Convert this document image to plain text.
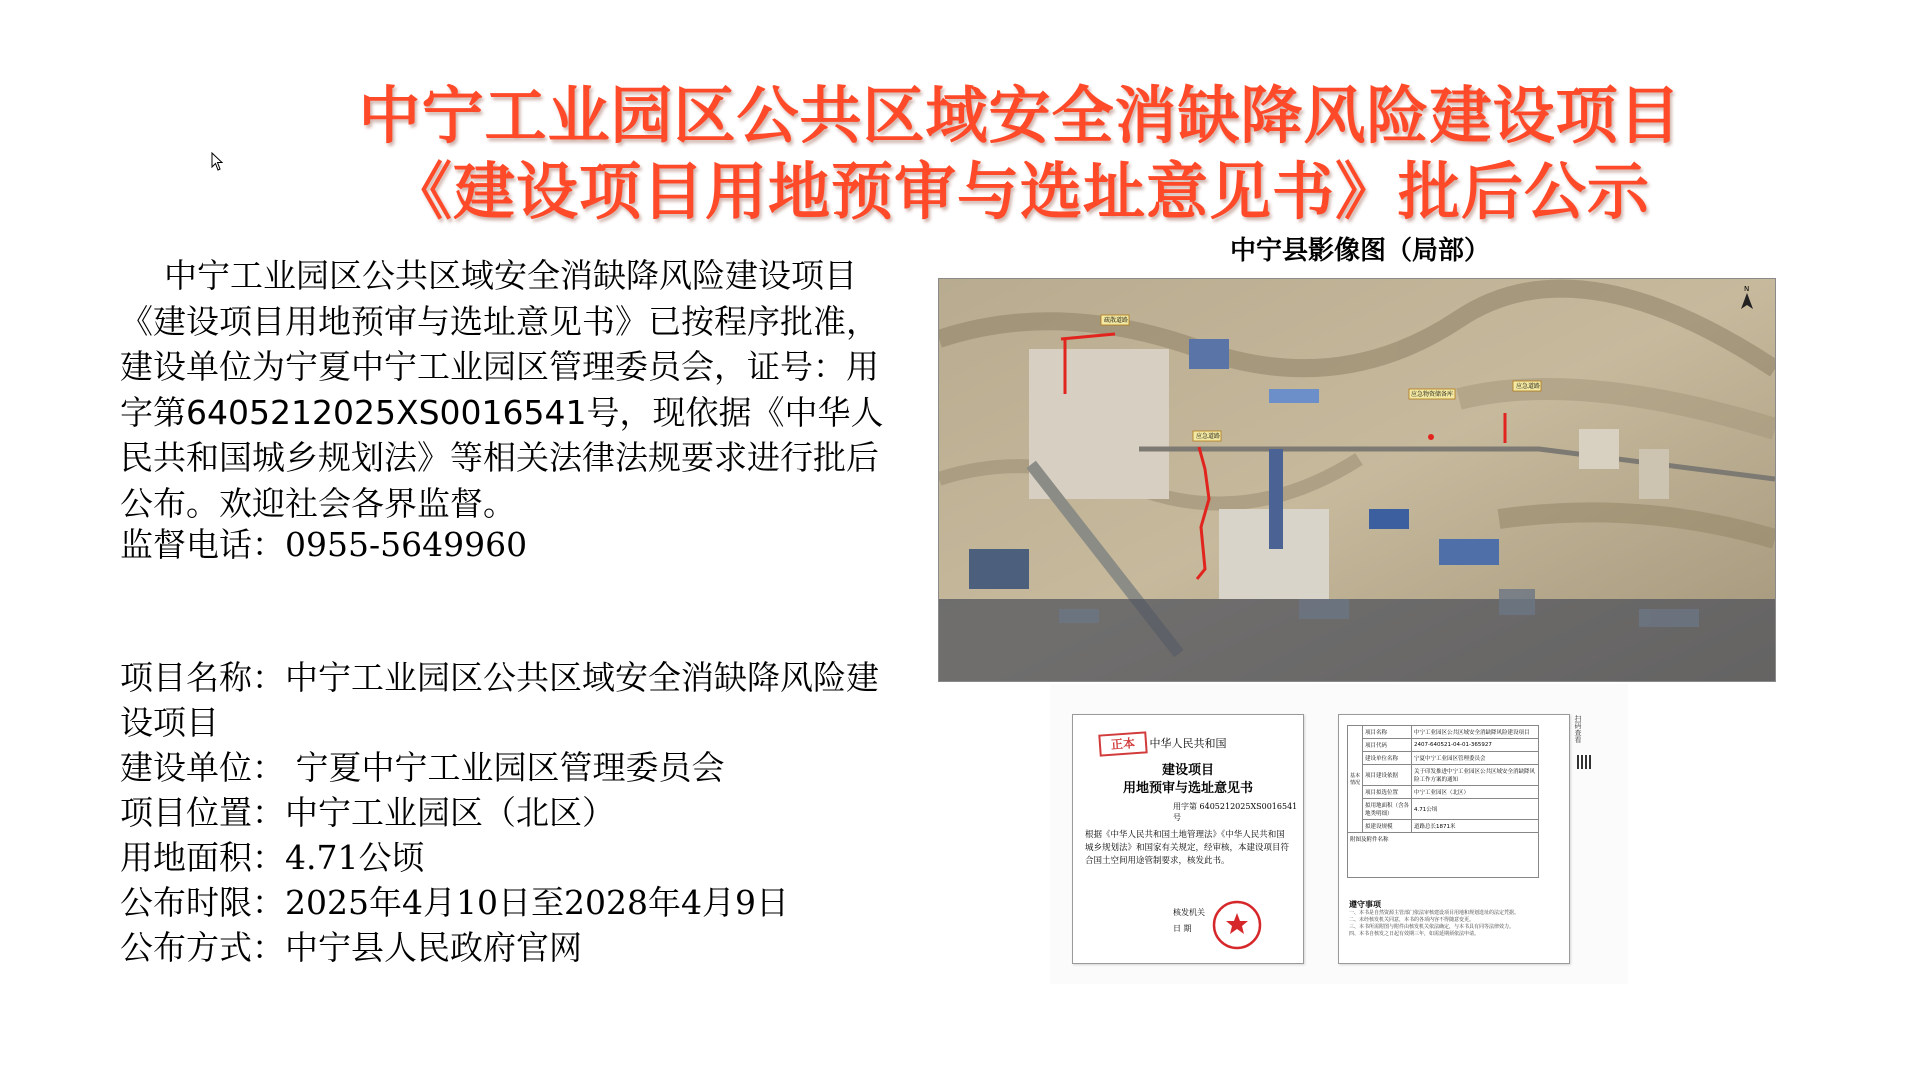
中宁工业园区公共区域安全消缺降风险建设项目
《建设项目用地预审与选址意见书》批后公示
中宁工业园区公共区域安全消缺降风险建设项目《建设项目用地预审与选址意见书》已按程序批准，建设单位为宁夏中宁工业园区管理委员会，证号：用字第6405212025XS0016541号，现依据《中华人民共和国城乡规划法》等相关法律法规要求进行批后公布。欢迎社会各界监督。
监督电话：0955-5649960
项目名称：中宁工业园区公共区域安全消缺降风险建设项目
建设单位： 宁夏中宁工业园区管理委员会
项目位置：中宁工业园区（北区）
用地面积：4.71公顷
公布时限：2025年4月10日至2028年4月9日
公布方式：中宁县人民政府官网
中宁县影像图（局部）
疏散道路
应急道路
应急物资储备库
应急道路
N
正本	中华人民共和国
建设项目
用地预审与选址意见书
用字第 6405212025XS0016541 号
根据《中华人民共和国土地管理法》《中华人民共和国城乡规划法》和国家有关规定，经审核，本建设项目符合国土空间用途管制要求，核发此书。
核发机关
日 期
基本情况	项目名称	中宁工业园区公共区域安全消缺降风险建设项目
	项目代码	2407-640521-04-01-365927
	建设单位名称	宁夏中宁工业园区管理委员会
	项目建设依据	关于印发推进中宁工业园区公共区域安全消缺降风险工作方案的通知
	项目拟选位置	中宁工业园区（北区）
	拟用地面积（含各地类明细）	4.71公顷
	拟建设规模	道路总长1871米
附图及附件名称		
遵守事项
一、本书是自然资源主管部门依法审核建设项目用地和规划选址的法定凭据。
二、未经核发机关同意，本书的各项内容不得随意变更。
三、本书所需附图与附件由核发机关依法确定，与本书具有同等法律效力。
四、本书自核发之日起有效期三年，如需延期须依法申请。
扫码查看
